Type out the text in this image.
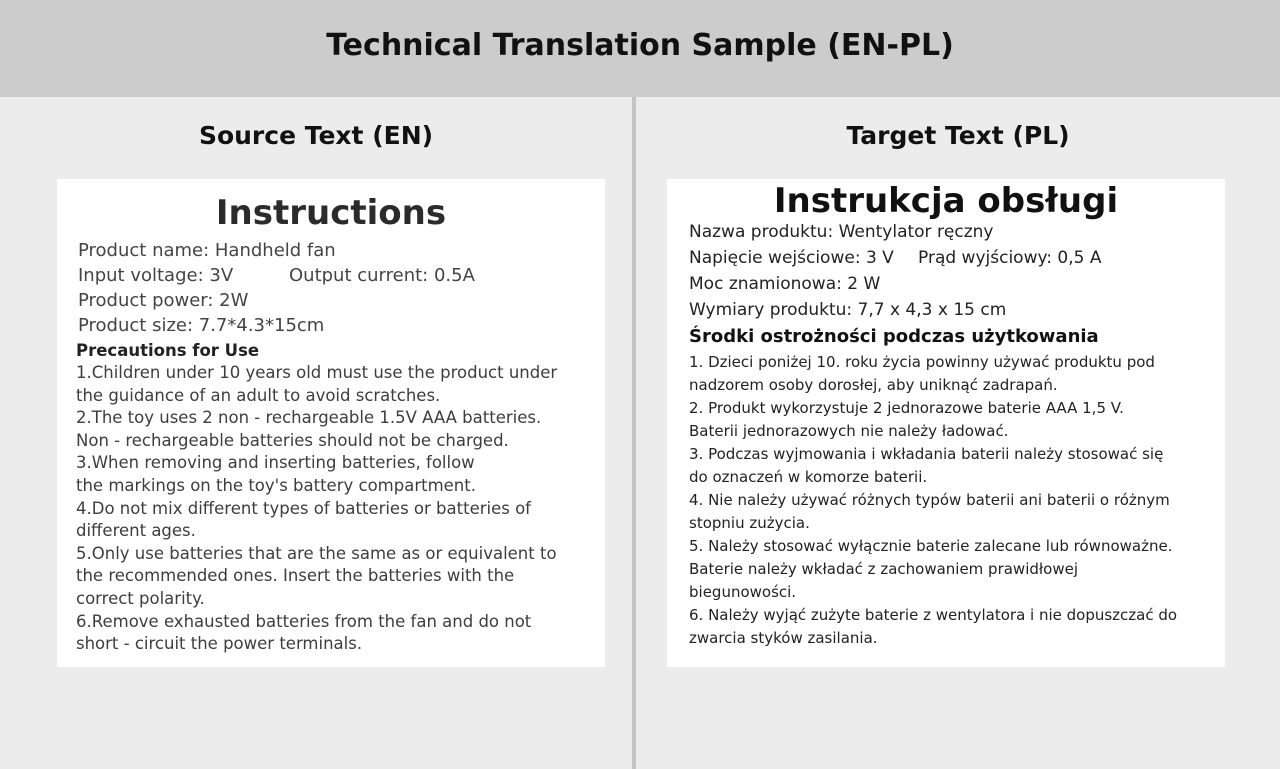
Technical Translation Sample (EN-PL)
Source Text (EN)	Target Text (PL)
Instructions
Product name: Handheld fan
Input voltage: 3V	Output current: 0.5A
Product power: 2W
Product size: 7.7*4.3*15cm
Precautions for Use
1.Children under 10 years old must use the product under
the guidance of an adult to avoid scratches.
2.The toy uses 2 non - rechargeable 1.5V AAA batteries.
Non - rechargeable batteries should not be charged.
3.When removing and inserting batteries, follow
the markings on the toy's battery compartment.
4.Do not mix different types of batteries or batteries of
different ages.
5.Only use batteries that are the same as or equivalent to
the recommended ones. Insert the batteries with the
correct polarity.
6.Remove exhausted batteries from the fan and do not
short - circuit the power terminals.
Instrukcja obsługi
Nazwa produktu: Wentylator ręczny
Napięcie wejściowe: 3 V Prąd wyjściowy: 0,5 A
Moc znamionowa: 2 W
Wymiary produktu: 7,7 x 4,3 x 15 cm
Środki ostrożności podczas użytkowania
1. Dzieci poniżej 10. roku życia powinny używać produktu pod
nadzorem osoby dorosłej, aby uniknąć zadrapań.
2. Produkt wykorzystuje 2 jednorazowe baterie AAA 1,5 V.
Baterii jednorazowych nie należy ładować.
3. Podczas wyjmowania i wkładania baterii należy stosować się
do oznaczeń w komorze baterii.
4. Nie należy używać różnych typów baterii ani baterii o różnym
stopniu zużycia.
5. Należy stosować wyłącznie baterie zalecane lub równoważne.
Baterie należy wkładać z zachowaniem prawidłowej
biegunowości.
6. Należy wyjąć zużyte baterie z wentylatora i nie dopuszczać do
zwarcia styków zasilania.
